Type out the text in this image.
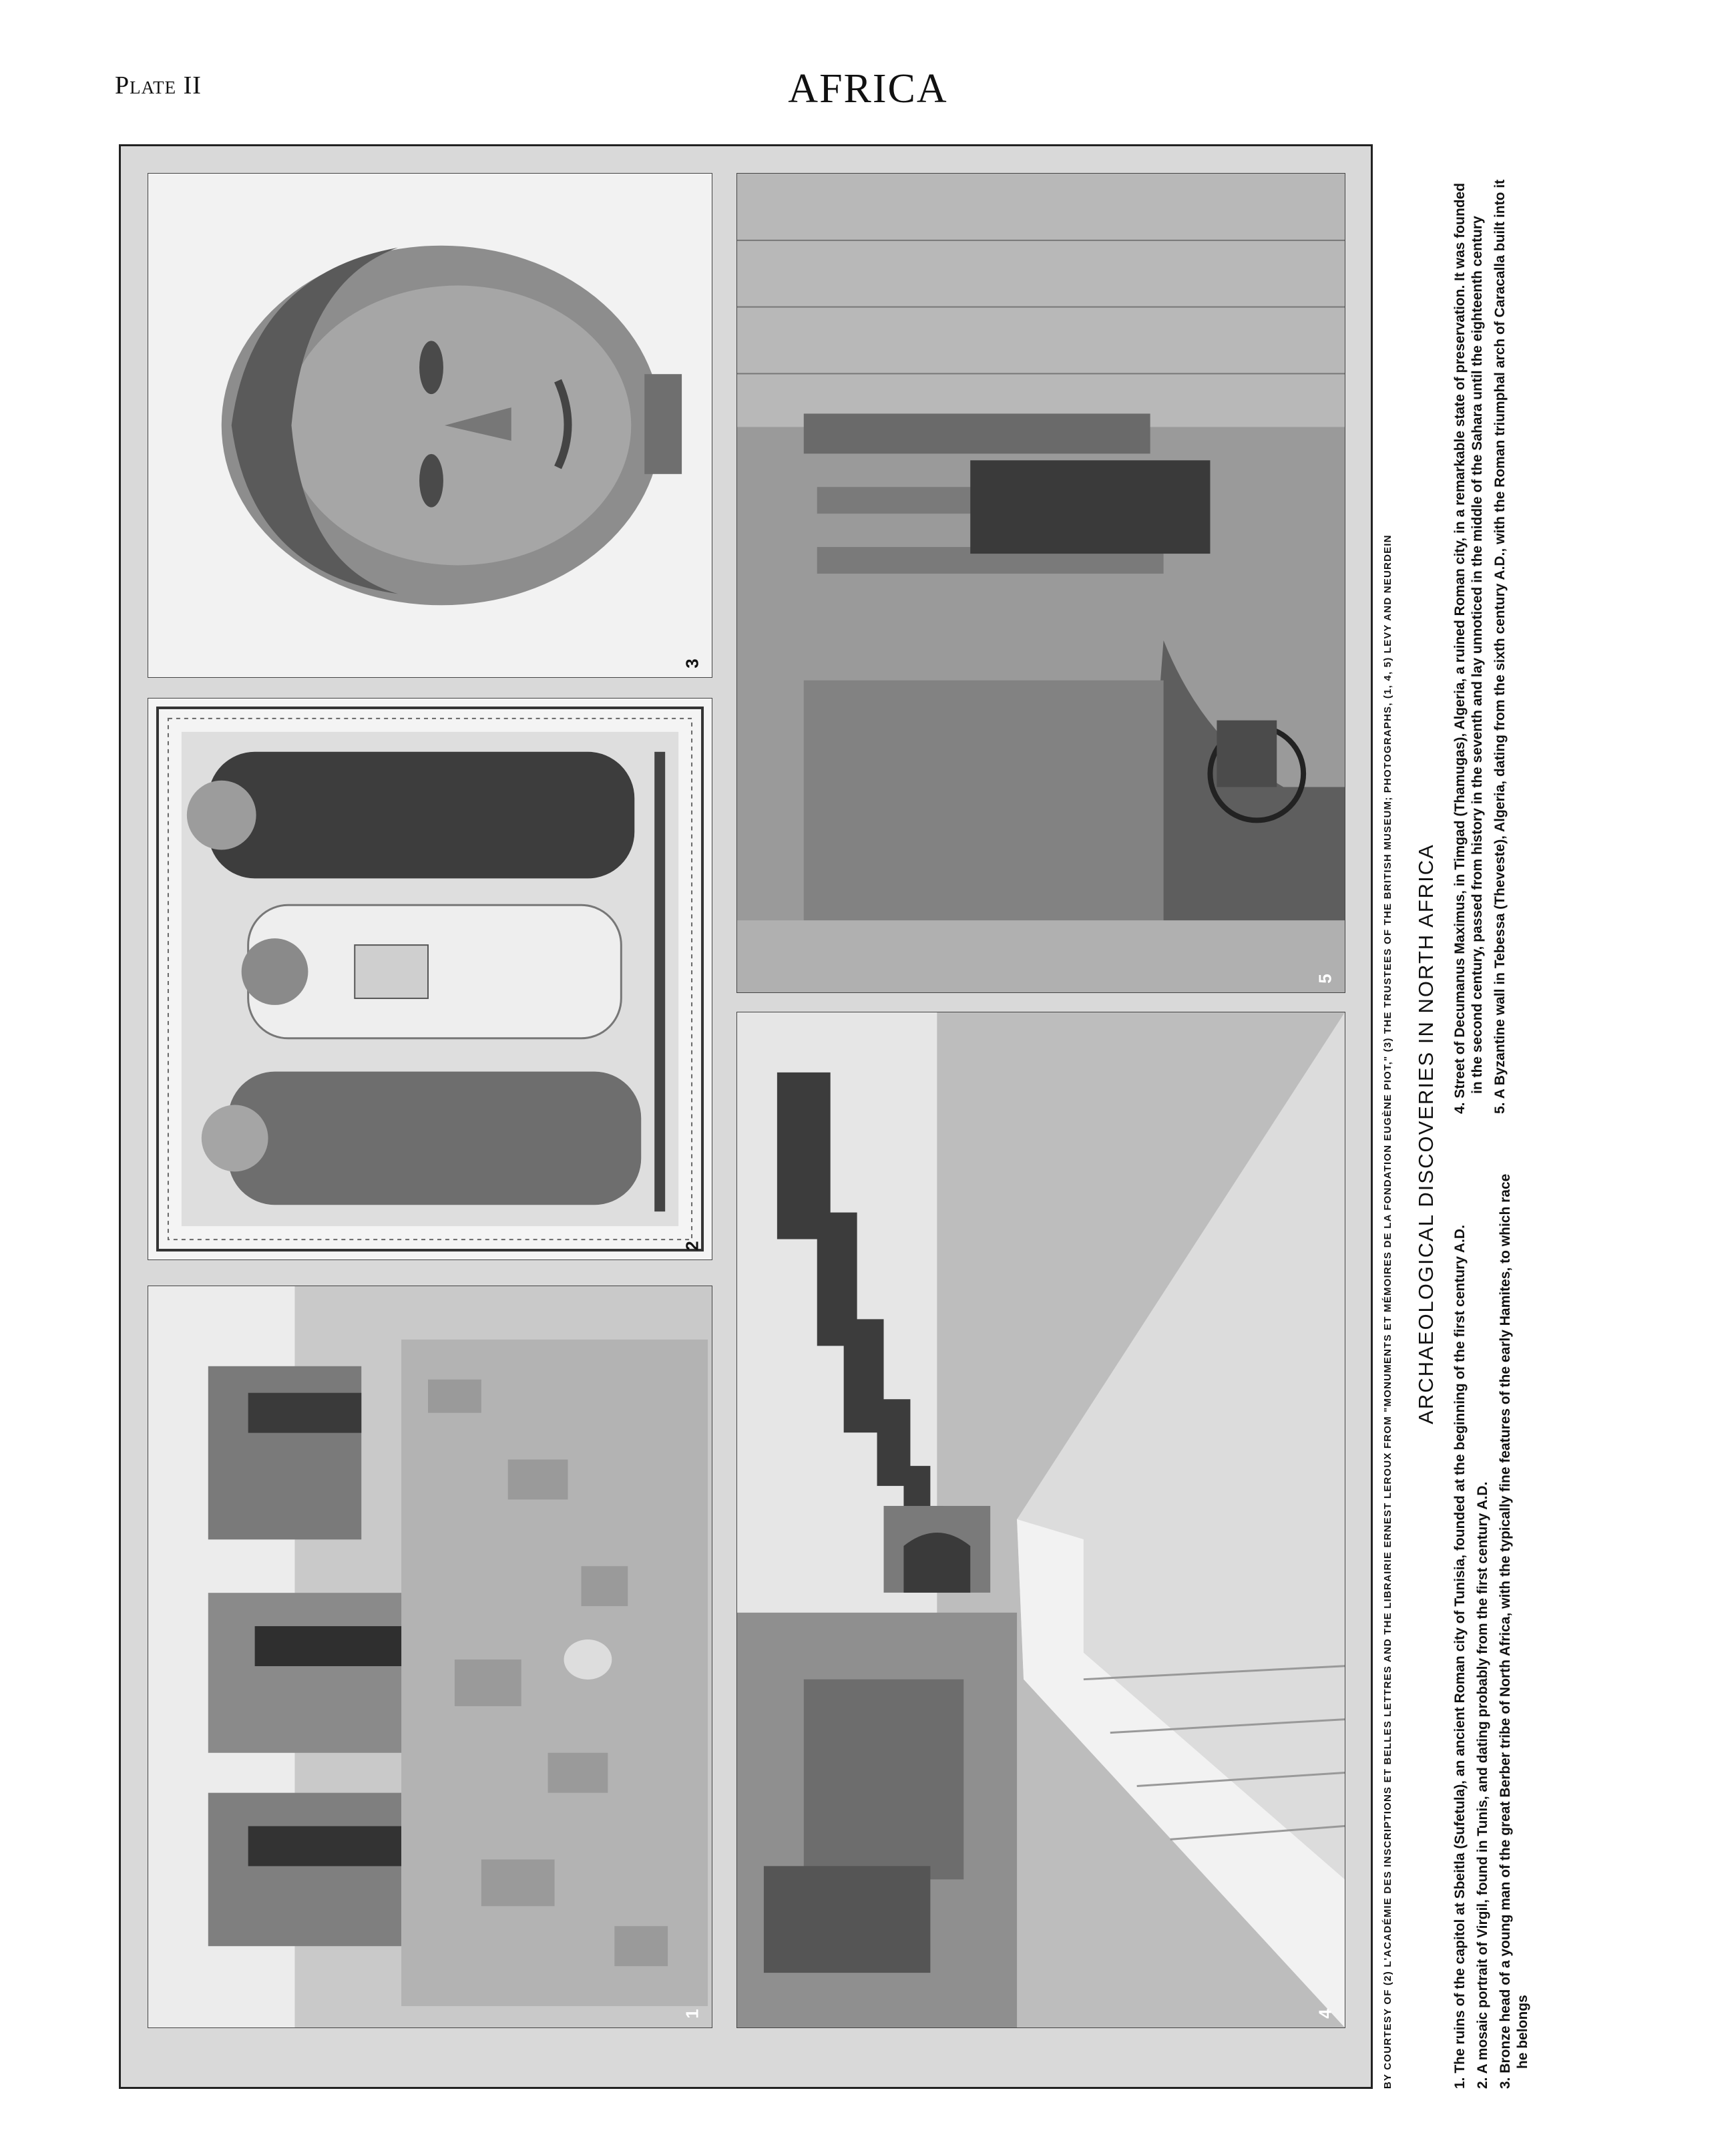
Plate II	AFRICA
3
2
1
5
4	BY COURTESY OF (2) L'ACADÉMIE DES INSCRIPTIONS ET BELLES LETTRES AND THE LIBRAIRIE ERNEST LEROUX FROM "MONUMENTS ET MÉMOIRES DE LA FONDATION EUGÈNE PIOT," (3) THE TRUSTEES OF THE BRITISH MUSEUM; PHOTOGRAPHS, (1, 4, 5) LEVY AND NEURDEIN ARCHAEOLOGICAL DISCOVERIES IN NORTH AFRICA

1. The ruins of the capitol at Sbeitla (Sufetula), an ancient Roman city of Tunisia, founded at the beginning of the first century A.D. 2. A mosaic portrait of Virgil, found in Tunis, and dating probably from the first century A.D. 3. Bronze head of a young man of the great Berber tribe of North Africa, with the typically fine features of the early Hamites, to which race he belongs

4. Street of Decumanus Maximus, in Timgad (Thamugas), Algeria, a ruined Roman city, in a remarkable state of preservation. It was founded in the second century, passed from history in the seventh and lay unnoticed in the middle of the Sahara until the eighteenth century 5. A Byzantine wall in Tebessa (Theveste), Algeria, dating from the sixth century A.D., with the Roman triumphal arch of Caracalla built into it
